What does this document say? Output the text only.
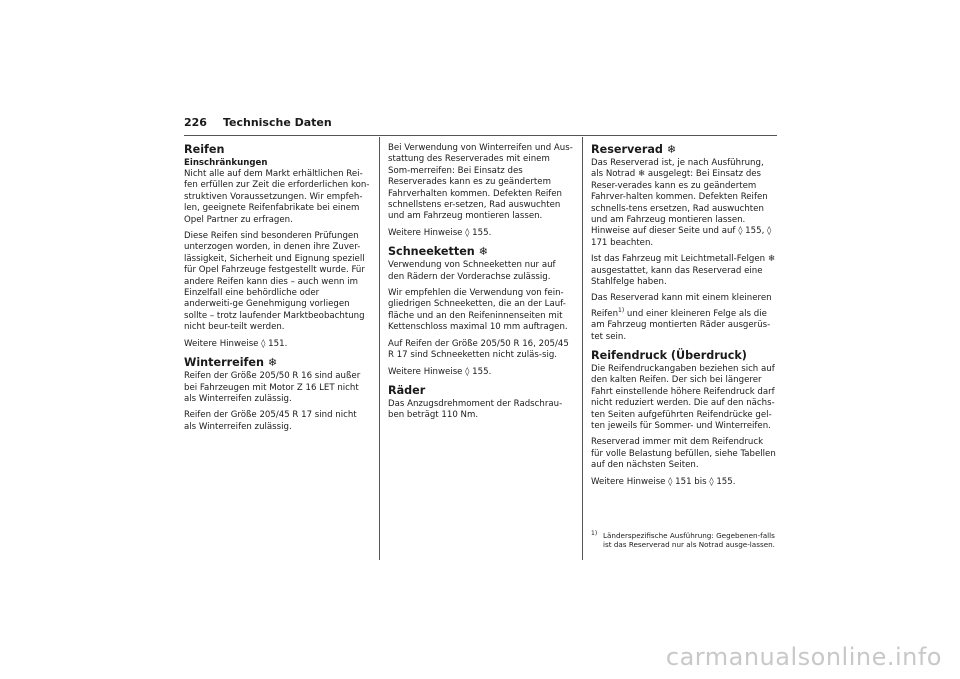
226 Technische Daten
Reifen
Einschränkungen

Nicht alle auf dem Markt erhältlichen Rei-fen erfüllen zur Zeit die erforderlichen kon-struktiven Voraussetzungen. Wir empfeh-len, geeignete Reifenfabrikate bei einem Opel Partner zu erfragen.

Diese Reifen sind besonderen Prüfungen unterzogen worden, in denen ihre Zuver-lässigkeit, Sicherheit und Eignung speziell für Opel Fahrzeuge festgestellt wurde. Für andere Reifen kann dies – auch wenn im Einzelfall eine behördliche oder anderweiti-ge Genehmigung vorliegen sollte – trotz laufender Marktbeobachtung nicht beur-teilt werden.

Weitere Hinweise ◊ 151.

Winterreifen ❄

Reifen der Größe 205/50 R 16 sind außer bei Fahrzeugen mit Motor Z 16 LET nicht als Winterreifen zulässig.

Reifen der Größe 205/45 R 17 sind nicht als Winterreifen zulässig.

Bei Verwendung von Winterreifen und Aus-stattung des Reserverades mit einem Som-merreifen: Bei Einsatz des Reserverades kann es zu geändertem Fahrverhalten kommen. Defekten Reifen schnellstens er-setzen, Rad auswuchten und am Fahrzeug montieren lassen.

Weitere Hinweise ◊ 155.

Schneeketten ❄

Verwendung von Schneeketten nur auf den Rädern der Vorderachse zulässig.

Wir empfehlen die Verwendung von fein-gliedrigen Schneeketten, die an der Lauf-fläche und an den Reifeninnenseiten mit Kettenschloss maximal 10 mm auftragen.

Auf Reifen der Größe 205/50 R 16, 205/45 R 17 sind Schneeketten nicht zuläs-sig.

Weitere Hinweise ◊ 155.

Räder

Das Anzugsdrehmoment der Radschrau-ben beträgt 110 Nm.

Reserverad ❄

Das Reserverad ist, je nach Ausführung, als Notrad ❄ ausgelegt: Bei Einsatz des Reser-verades kann es zu geändertem Fahrver-halten kommen. Defekten Reifen schnells-tens ersetzen, Rad auswuchten und am Fahrzeug montieren lassen. Hinweise auf dieser Seite und auf ◊ 155, ◊ 171 beachten.

Ist das Fahrzeug mit Leichtmetall-Felgen ❄ ausgestattet, kann das Reserverad eine Stahlfelge haben.

Das Reserverad kann mit einem kleineren Reifen$^{1)}$ und einer kleineren Felge als die am Fahrzeug montierten Räder ausgerüs-tet sein.

Reifendruck (Überdruck)

Die Reifendruckangaben beziehen sich auf den kalten Reifen. Der sich bei längerer Fahrt einstellende höhere Reifendruck darf nicht reduziert werden. Die auf den nächs-ten Seiten aufgeführten Reifendrücke gel-ten jeweils für Sommer- und Winterreifen.

Reserverad immer mit dem Reifendruck für volle Belastung befüllen, siehe Tabellen auf den nächsten Seiten.

Weitere Hinweise ◊ 151 bis ◊ 155.

1) Länderspezifische Ausführung: Gegebenen-falls ist das Reserverad nur als Notrad ausge-lassen.
carmanualsonline.info
